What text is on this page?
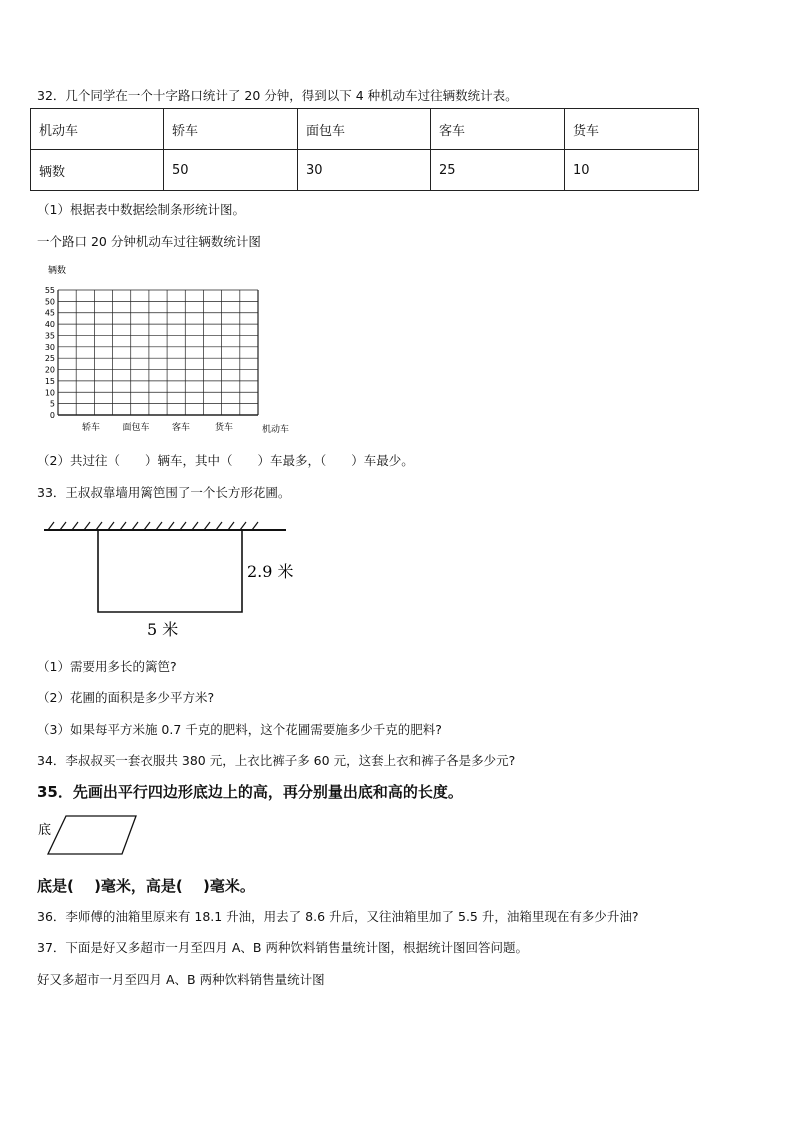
32．几个同学在一个十字路口统计了 20 分钟，得到以下 4 种机动车过往辆数统计表。
机动车	轿车	面包车	客车	货车
辆数	50	30	25	10
（1）根据表中数据绘制条形统计图。
一个路口 20 分钟机动车过往辆数统计图
0
5
10
15
20
25
30
35
40
45
50
55
轿车 面包车 客车	货车
辆数
机动车
（2）共过往（　　）辆车，其中（　　）车最多，（　　）车最少。
33．王叔叔靠墙用篱笆围了一个长方形花圃。
2.9 米
5 米
（1）需要用多长的篱笆?
（2）花圃的面积是多少平方米?
（3）如果每平方米施 0.7 千克的肥料，这个花圃需要施多少千克的肥料?
34．李叔叔买一套衣服共 380 元，上衣比裤子多 60 元，这套上衣和裤子各是多少元?
35．先画出平行四边形底边上的高，再分别量出底和高的长度。
底
底是(　 )毫米，高是(　 )毫米。
36．李师傅的油箱里原来有 18.1 升油，用去了 8.6 升后，又往油箱里加了 5.5 升，油箱里现在有多少升油?
37．下面是好又多超市一月至四月 A、B 两种饮料销售量统计图，根据统计图回答问题。
好又多超市一月至四月 A、B 两种饮料销售量统计图
